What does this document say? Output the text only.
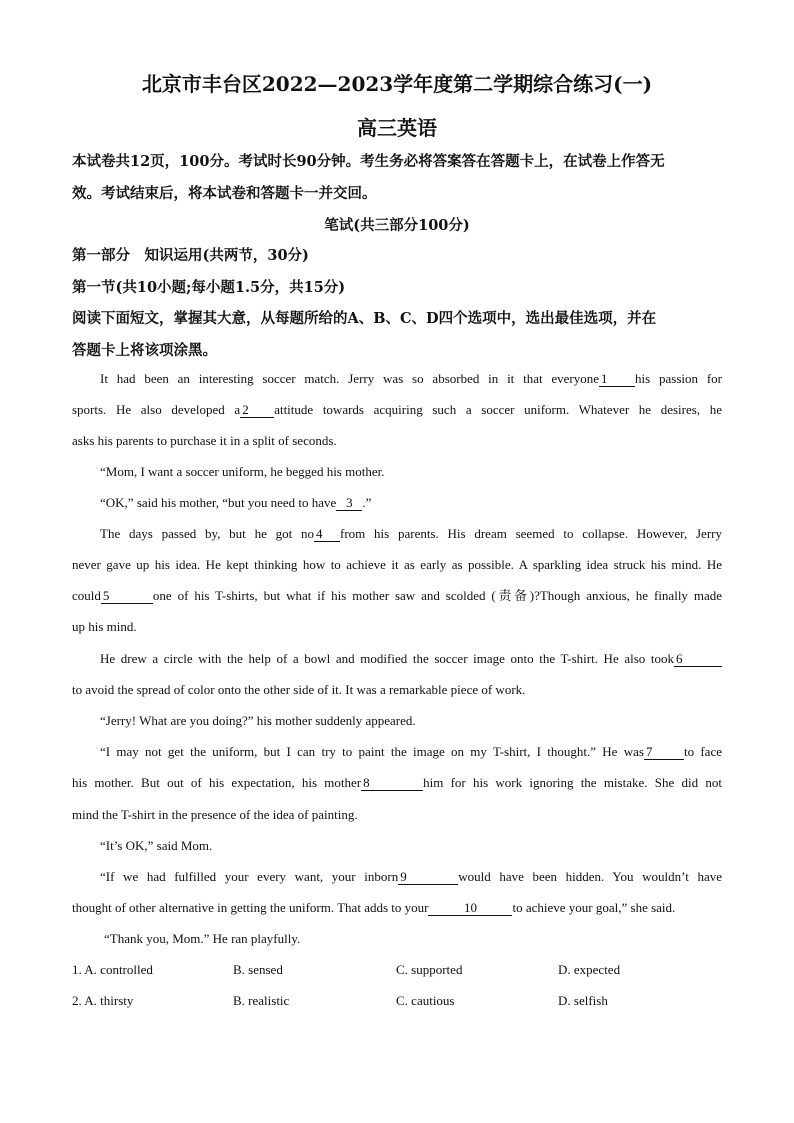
北京市丰台区2022—2023学年度第二学期综合练习(一)
高三英语
本试卷共12页，100分。考试时长90分钟。考生务必将答案答在答题卡上，在试卷上作答无
效。考试结束后，将本试卷和答题卡一并交回。
笔试(共三部分100分)
第一部分　知识运用(共两节，30分)
第一节(共10小题;每小题1.5分，共15分)
阅读下面短文，掌握其大意，从每题所给的A、B、C、D四个选项中，选出最佳选项，并在
答题卡上将该项涂黑。
It had been an interesting soccer match. Jerry was so absorbed in it that everyone 1 his passion for
sports. He also developed a 2 attitude towards acquiring such a soccer uniform. Whatever he desires, he
asks his parents to purchase it in a split of seconds.
“Mom, I want a soccer uniform, he begged his mother.
“OK,” said his mother, “but you need to have 3 .”
The days passed by, but he got no 4 from his parents. His dream seemed to collapse. However, Jerry
never gave up his idea. He kept thinking how to achieve it as early as possible. A sparkling idea struck his mind. He
could 5	one of his T-shirts, but what if his mother saw and scolded (责备)?Though anxious, he finally made
up his mind.
He drew a circle with the help of a bowl and modified the soccer image onto the T-shirt. He also took 6
to avoid the spread of color onto the other side of it. It was a remarkable piece of work.
“Jerry! What are you doing?” his mother suddenly appeared.
“I may not get the uniform, but I can try to paint the image on my T-shirt, I thought.” He was 7 to face
his mother. But out of his expectation, his mother 8	him for his work ignoring the mistake. She did not
mind the T-shirt in the presence of the idea of painting.
“It’s OK,” said Mom.
“If we had fulfilled your every want, your inborn 9	would have been hidden. You wouldn’t have
thought of other alternative in getting the uniform. That adds to your	10	to achieve your goal,” she said.
“Thank you, Mom.” He ran playfully.
1. A. controlled	B. sensed	C. supported	D. expected
2. A. thirsty	B. realistic	C. cautious	D. selfish
